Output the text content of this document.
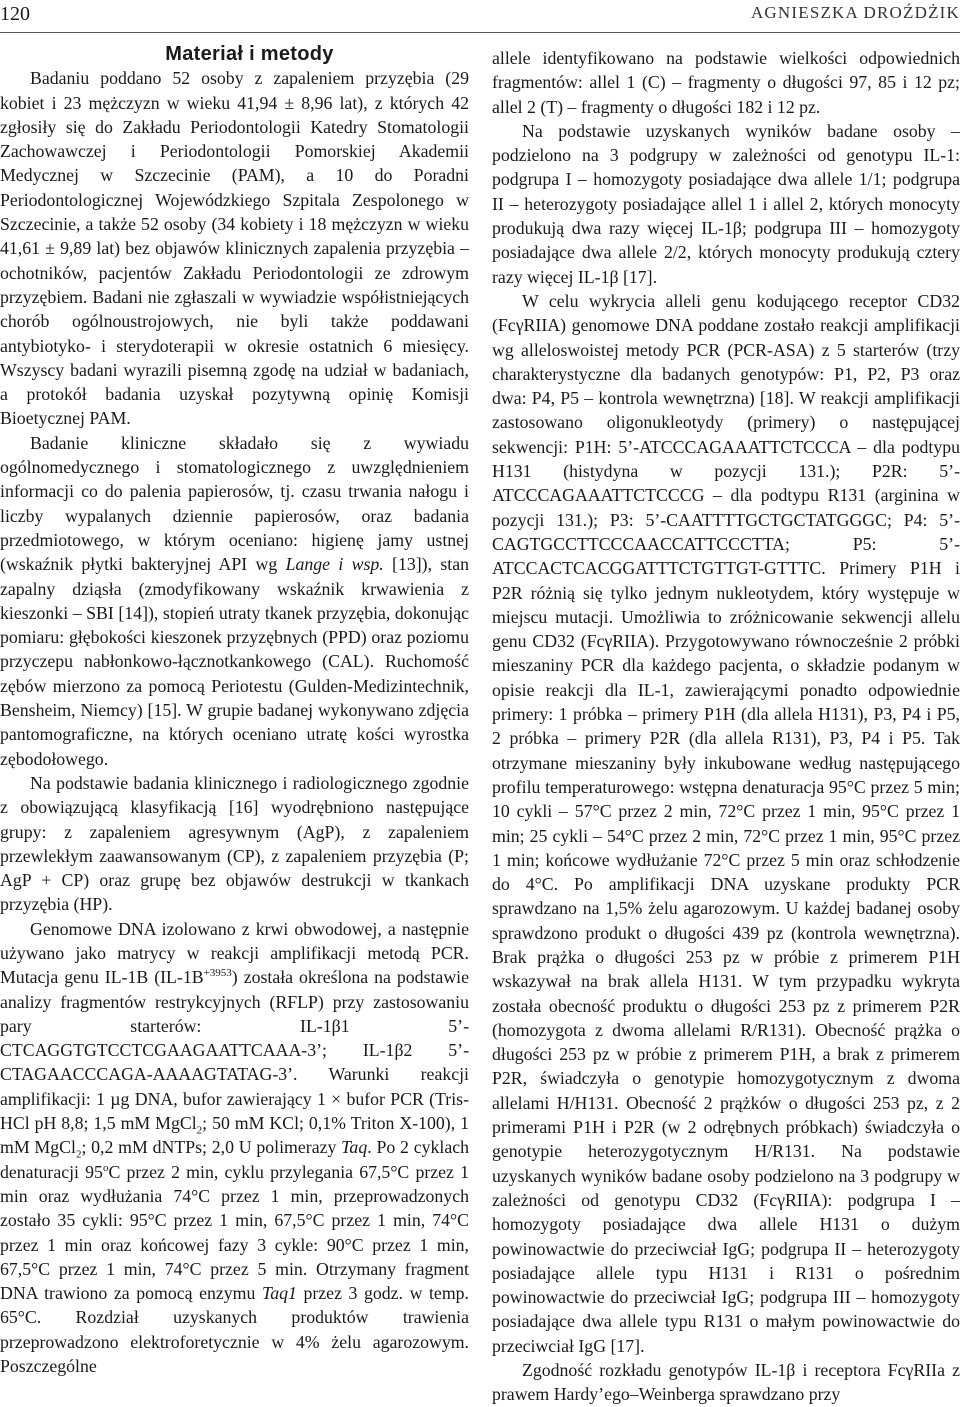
120	AGNIESZKA DROŹDŻIK

Materiał i metody

Badaniu poddano 52 osoby z zapaleniem przyzębia (29 kobiet i 23 mężczyzn w wieku 41,94 ± 8,96 lat), z których 42 zgłosiły się do Zakładu Periodontologii Katedry Stomatologii Zachowawczej i Periodontologii Pomorskiej Akademii Medycznej w Szczecinie (PAM), a 10 do Poradni Periodontologicznej Wojewódzkiego Szpitala Zespolonego w Szczecinie, a także 52 osoby (34 kobiety i 18 mężczyzn w wieku 41,61 ± 9,89 lat) bez objawów klinicznych zapalenia przyzębia – ochotników, pacjentów Zakładu Periodontologii ze zdrowym przyzębiem. Badani nie zgłaszali w wywiadzie współistniejących chorób ogólnoustrojowych, nie byli także poddawani antybiotyko- i sterydoterapii w okresie ostatnich 6 miesięcy. Wszyscy badani wyrazili pisemną zgodę na udział w badaniach, a protokół badania uzyskał pozytywną opinię Komisji Bioetycznej PAM.

Badanie kliniczne składało się z wywiadu ogólnomedycznego i stomatologicznego z uwzględnieniem informacji co do palenia papierosów, tj. czasu trwania nałogu i liczby wypalanych dziennie papierosów, oraz badania przedmiotowego, w którym oceniano: higienę jamy ustnej (wskaźnik płytki bakteryjnej API wg Lange i wsp. [13]), stan zapalny dziąsła (zmodyfikowany wskaźnik krwawienia z kieszonki – SBI [14]), stopień utraty tkanek przyzębia, dokonując pomiaru: głębokości kieszonek przyzębnych (PPD) oraz poziomu przyczepu nabłonkowo-łącznotkankowego (CAL). Ruchomość zębów mierzono za pomocą Periotestu (Gulden-Medizintechnik, Bensheim, Niemcy) [15]. W grupie badanej wykonywano zdjęcia pantomograficzne, na których oceniano utratę kości wyrostka zębodołowego.

Na podstawie badania klinicznego i radiologicznego zgodnie z obowiązującą klasyfikacją [16] wyodrębniono następujące grupy: z zapaleniem agresywnym (AgP), z zapaleniem przewlekłym zaawansowanym (CP), z zapaleniem przyzębia (P; AgP + CP) oraz grupę bez objawów destrukcji w tkankach przyzębia (HP).

Genomowe DNA izolowano z krwi obwodowej, a następnie używano jako matrycy w reakcji amplifikacji metodą PCR. Mutacja genu IL-1B $(IL-1B^{+3953})$ została określona na podstawie analizy fragmentów restrykcyjnych (RFLP) przy zastosowaniu pary starterów: IL-1β1 5’-CTCAGGTGTCCTCGAAGAATTCAAA-3’; IL-1β2 5’-CTAGAACCCAGA-AAAAGTATAG-3’. Warunki reakcji amplifikacji: 1 µg DNA, bufor zawierający 1 × bufor PCR (Tris-HCl pH 8,8; 1,5 mM MgCl$_2$; 50 mM KCl; 0,1% Triton X-100), 1 mM MgCl$_2$; 0,2 mM dNTPs; 2,0 U polimerazy Taq. Po 2 cyklach denaturacji 95$^o$C przez 2 min, cyklu przylegania 67,5°C przez 1 min oraz wydłużania 74°C przez 1 min, przeprowadzonych zostało 35 cykli: 95°C przez 1 min, 67,5°C przez 1 min, 74°C przez 1 min oraz końcowej fazy 3 cykle: 90°C przez 1 min, 67,5°C przez 1 min, 74°C przez 5 min. Otrzymany fragment DNA trawiono za pomocą enzymu Taq1 przez 3 godz. w temp. 65°C. Rozdział uzyskanych produktów trawienia przeprowadzono elektroforetycznie w 4% żelu agarozowym. Poszczególne

allele identyfikowano na podstawie wielkości odpowiednich fragmentów: allel 1 (C) – fragmenty o długości 97, 85 i 12 pz; allel 2 (T) – fragmenty o długości 182 i 12 pz.

Na podstawie uzyskanych wyników badane osoby – podzielono na 3 podgrupy w zależności od genotypu IL-1: podgrupa I – homozygoty posiadające dwa allele 1/1; podgrupa II – heterozygoty posiadające allel 1 i allel 2, których monocyty produkują dwa razy więcej IL-1β; podgrupa III – homozygoty posiadające dwa allele 2/2, których monocyty produkują cztery razy więcej IL-1β [17].

W celu wykrycia alleli genu kodującego receptor CD32 (FcγRIIA) genomowe DNA poddane zostało reakcji amplifikacji wg alleloswoistej metody PCR (PCR-ASA) z 5 starterów (trzy charakterystyczne dla badanych genotypów: P1, P2, P3 oraz dwa: P4, P5 – kontrola wewnętrzna) [18]. W reakcji amplifikacji zastosowano oligonukleotydy (primery) o następującej sekwencji: P1H: 5’-ATCCCAGAAATTCTCCCA – dla podtypu H131 (histydyna w pozycji 131.); P2R: 5’-ATCCCAGAAATTCTCCCG – dla podtypu R131 (arginina w pozycji 131.); P3: 5’-CAATTTTGCTGCTATGGGC; P4: 5’-CAGTGCCTTCCCAACCATTCCCTTA; P5: 5’-ATCCACTCACGGATTTCTGTTGT-GTTTC. Primery P1H i P2R różnią się tylko jednym nukleotydem, który występuje w miejscu mutacji. Umożliwia to zróżnicowanie sekwencji allelu genu CD32 (FcγRIIA). Przygotowywano równocześnie 2 próbki mieszaniny PCR dla każdego pacjenta, o składzie podanym w opisie reakcji dla IL-1, zawierającymi ponadto odpowiednie primery: 1 próbka – primery P1H (dla allela H131), P3, P4 i P5, 2 próbka – primery P2R (dla allela R131), P3, P4 i P5. Tak otrzymane mieszaniny były inkubowane według następującego profilu temperaturowego: wstępna denaturacja 95°C przez 5 min; 10 cykli – 57°C przez 2 min, 72°C przez 1 min, 95°C przez 1 min; 25 cykli – 54°C przez 2 min, 72°C przez 1 min, 95°C przez 1 min; końcowe wydłużanie 72°C przez 5 min oraz schłodzenie do 4°C. Po amplifikacji DNA uzyskane produkty PCR sprawdzano na 1,5% żelu agarozowym. U każdej badanej osoby sprawdzono produkt o długości 439 pz (kontrola wewnętrzna). Brak prążka o długości 253 pz w próbie z primerem P1H wskazywał na brak allela H131. W tym przypadku wykryta została obecność produktu o długości 253 pz z primerem P2R (homozygota z dwoma allelami R/R131). Obecność prążka o długości 253 pz w próbie z primerem P1H, a brak z primerem P2R, świadczyła o genotypie homozygotycznym z dwoma allelami H/H131. Obecność 2 prążków o długości 253 pz, z 2 primerami P1H i P2R (w 2 odrębnych próbkach) świadczyła o genotypie heterozygotycznym H/R131. Na podstawie uzyskanych wyników badane osoby podzielono na 3 podgrupy w zależności od genotypu CD32 (FcγRIIA): podgrupa I – homozygoty posiadające dwa allele H131 o dużym powinowactwie do przeciwciał IgG; podgrupa II – heterozygoty posiadające allele typu H131 i R131 o pośrednim powinowactwie do przeciwciał IgG; podgrupa III – homozygoty posiadające dwa allele typu R131 o małym powinowactwie do przeciwciał IgG [17].

Zgodność rozkładu genotypów IL-1β i receptora FcγRIIa z prawem Hardy’ego–Weinberga sprawdzano przy
